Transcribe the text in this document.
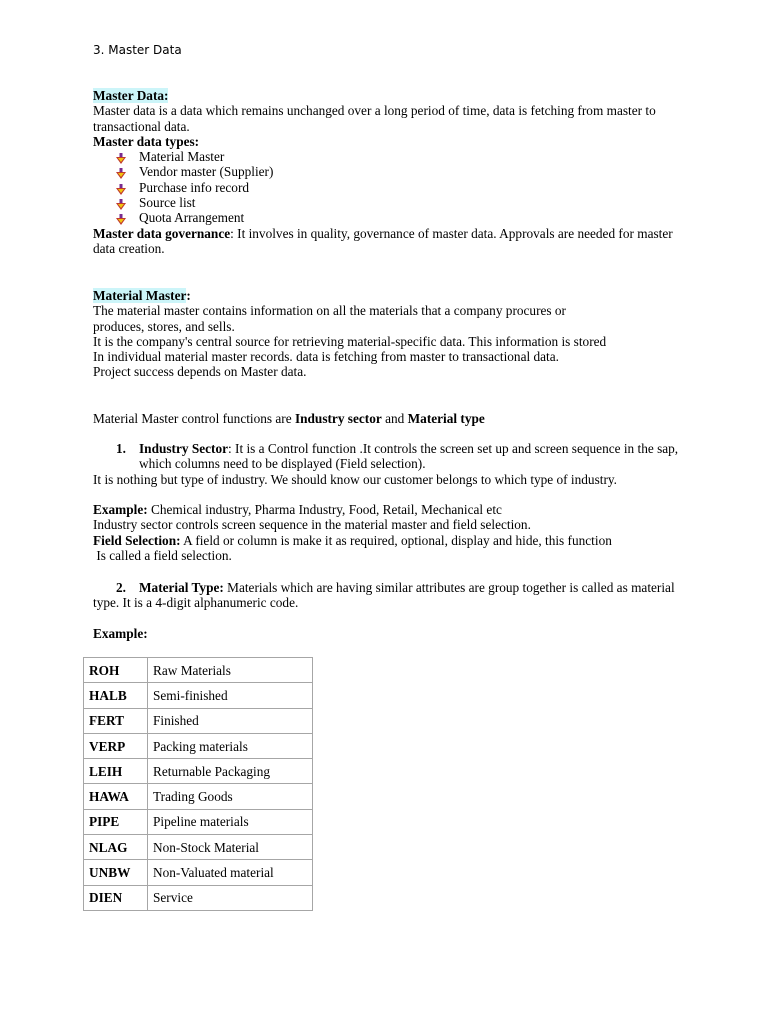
3. Master Data
Master Data:
Master data is a data which remains unchanged over a long period of time, data is fetching from master to transactional data.
Master data types:
Material Master
Vendor master (Supplier)
Purchase info record
Source list
Quota Arrangement
Master data governance: It involves in quality, governance of master data. Approvals are needed for master data creation.
Material Master:
The material master contains information on all the materials that a company procures or
produces, stores, and sells.
It is the company's central source for retrieving material-specific data. This information is stored
In individual material master records. data is fetching from master to transactional data.
Project success depends on Master data.
Material Master control functions are Industry sector and Material type
1. Industry Sector: It is a Control function .It controls the screen set up and screen sequence in the sap, which columns need to be displayed (Field selection).
It is nothing but type of industry. We should know our customer belongs to which type of industry.
Example: Chemical industry, Pharma Industry, Food, Retail, Mechanical etc
Industry sector controls screen sequence in the material master and field selection.
Field Selection: A field or column is make it as required, optional, display and hide, this function
Is called a field selection.
2. Material Type: Materials which are having similar attributes are group together is called as material
type. It is a 4-digit alphanumeric code.
Example:
ROH	Raw Materials
HALB	Semi-finished
FERT	Finished
VERP	Packing materials
LEIH	Returnable Packaging
HAWA	Trading Goods
PIPE	Pipeline materials
NLAG	Non-Stock Material
UNBW	Non-Valuated material
DIEN	Service
